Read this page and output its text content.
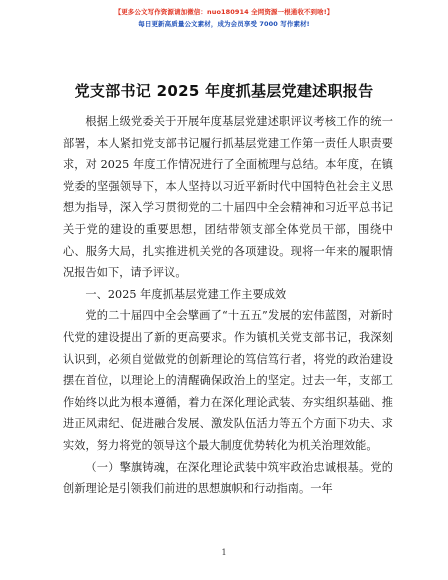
【更多公文写作资源请加微信：nuo180914 全网资源一根通收不到啥!】
每日更新高质量公文素材，成为会员享受 7000 写作素材!
党支部书记 2025 年度抓基层党建述职报告

根据上级党委关于开展年度基层党建述职评议考核工作的统一部署，本人紧扣党支部书记履行抓基层党建工作第一责任人职责要求，对 2025 年度工作情况进行了全面梳理与总结。本年度，在镇党委的坚强领导下，本人坚持以习近平新时代中国特色社会主义思想为指导，深入学习贯彻党的二十届四中全会精神和习近平总书记关于党的建设的重要思想，团结带领支部全体党员干部，围绕中心、服务大局，扎实推进机关党的各项建设。现将一年来的履职情况报告如下，请予评议。

一、2025 年度抓基层党建工作主要成效

党的二十届四中全会擘画了“十五五”发展的宏伟蓝图，对新时代党的建设提出了新的更高要求。作为镇机关党支部书记，我深刻认识到，必须自觉做党的创新理论的笃信笃行者，将党的政治建设摆在首位，以理论上的清醒确保政治上的坚定。过去一年，支部工作始终以此为根本遵循，着力在深化理论武装、夯实组织基础、推进正风肃纪、促进融合发展、激发队伍活力等五个方面下功夫、求实效，努力将党的领导这个最大制度优势转化为机关治理效能。

（一）擎旗铸魂，在深化理论武装中筑牢政治忠诚根基。党的创新理论是引领我们前进的思想旗帜和行动指南。一年

1
